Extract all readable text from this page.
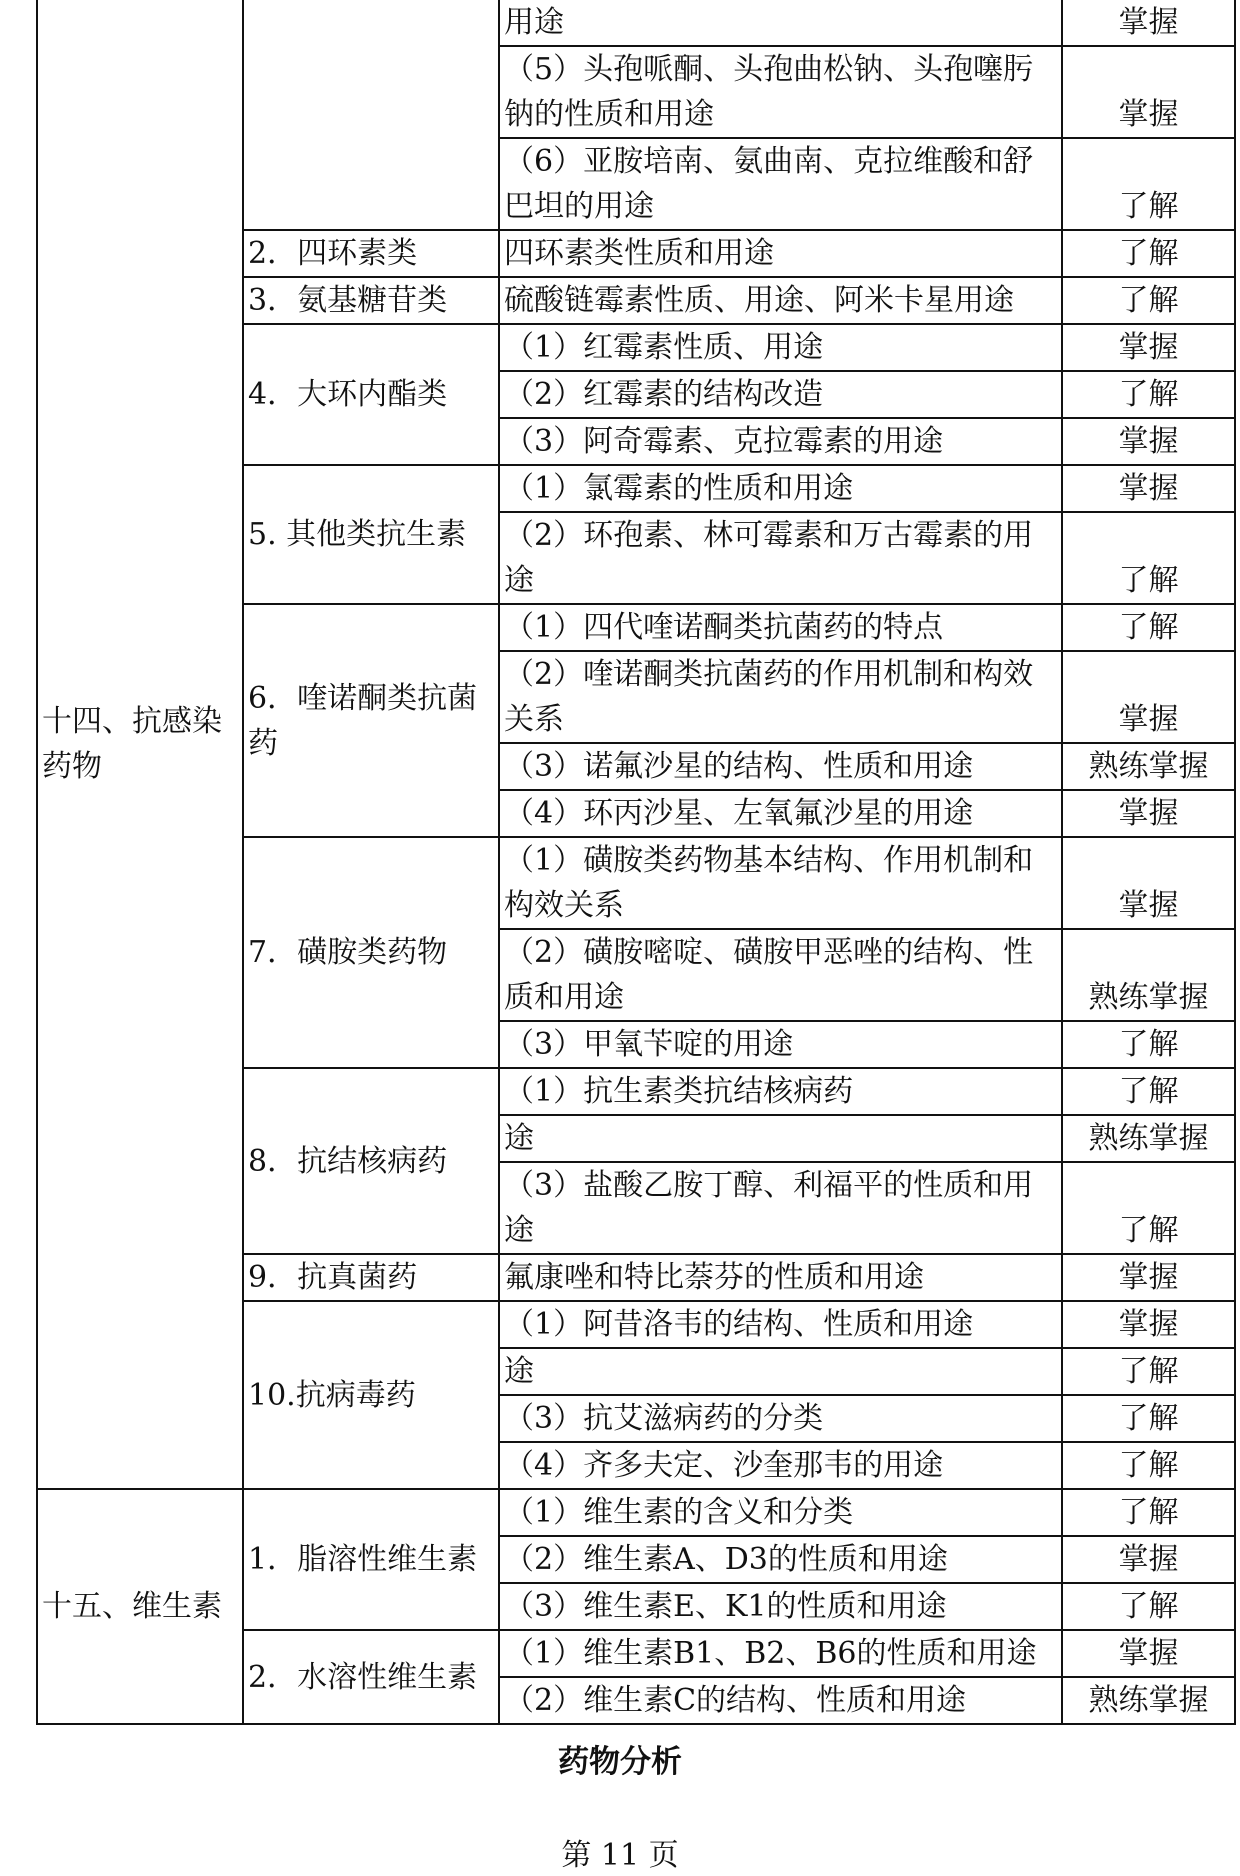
十四、抗感染药物		用途	掌握
		（5）头孢哌酮、头孢曲松钠、头孢噻肟钠的性质和用途	掌握
		（6）亚胺培南、氨曲南、克拉维酸和舒巴坦的用途	了解
	2．四环素类	四环素类性质和用途	了解
	3．氨基糖苷类	硫酸链霉素性质、用途、阿米卡星用途	了解
	4．大环内酯类	（1）红霉素性质、用途	掌握
		（2）红霉素的结构改造	了解
		（3）阿奇霉素、克拉霉素的用途	掌握
	5. 其他类抗生素	（1）氯霉素的性质和用途	掌握
		（2）环孢素、林可霉素和万古霉素的用途	了解
	6．喹诺酮类抗菌药	（1）四代喹诺酮类抗菌药的特点	了解
		（2）喹诺酮类抗菌药的作用机制和构效关系	掌握
		（3）诺氟沙星的结构、性质和用途	熟练掌握
		（4）环丙沙星、左氧氟沙星的用途	掌握
	7．磺胺类药物	（1）磺胺类药物基本结构、作用机制和构效关系	掌握
		（2）磺胺嘧啶、磺胺甲恶唑的结构、性质和用途	熟练掌握
		（3）甲氧苄啶的用途	了解
	8．抗结核病药	（1）抗生素类抗结核病药	了解
		途	熟练掌握
		（3）盐酸乙胺丁醇、利福平的性质和用途	了解
	9．抗真菌药	氟康唑和特比萘芬的性质和用途	掌握
	10.抗病毒药	（1）阿昔洛韦的结构、性质和用途	掌握
		途	了解
		（3）抗艾滋病药的分类	了解
		（4）齐多夫定、沙奎那韦的用途	了解
十五、维生素	1．脂溶性维生素	（1）维生素的含义和分类	了解
		（2）维生素A、D3的性质和用途	掌握
		（3）维生素E、K1的性质和用途	了解
	2．水溶性维生素	（1）维生素B1、B2、B6的性质和用途	掌握
		（2）维生素C的结构、性质和用途	熟练掌握
药物分析
第 11 页
